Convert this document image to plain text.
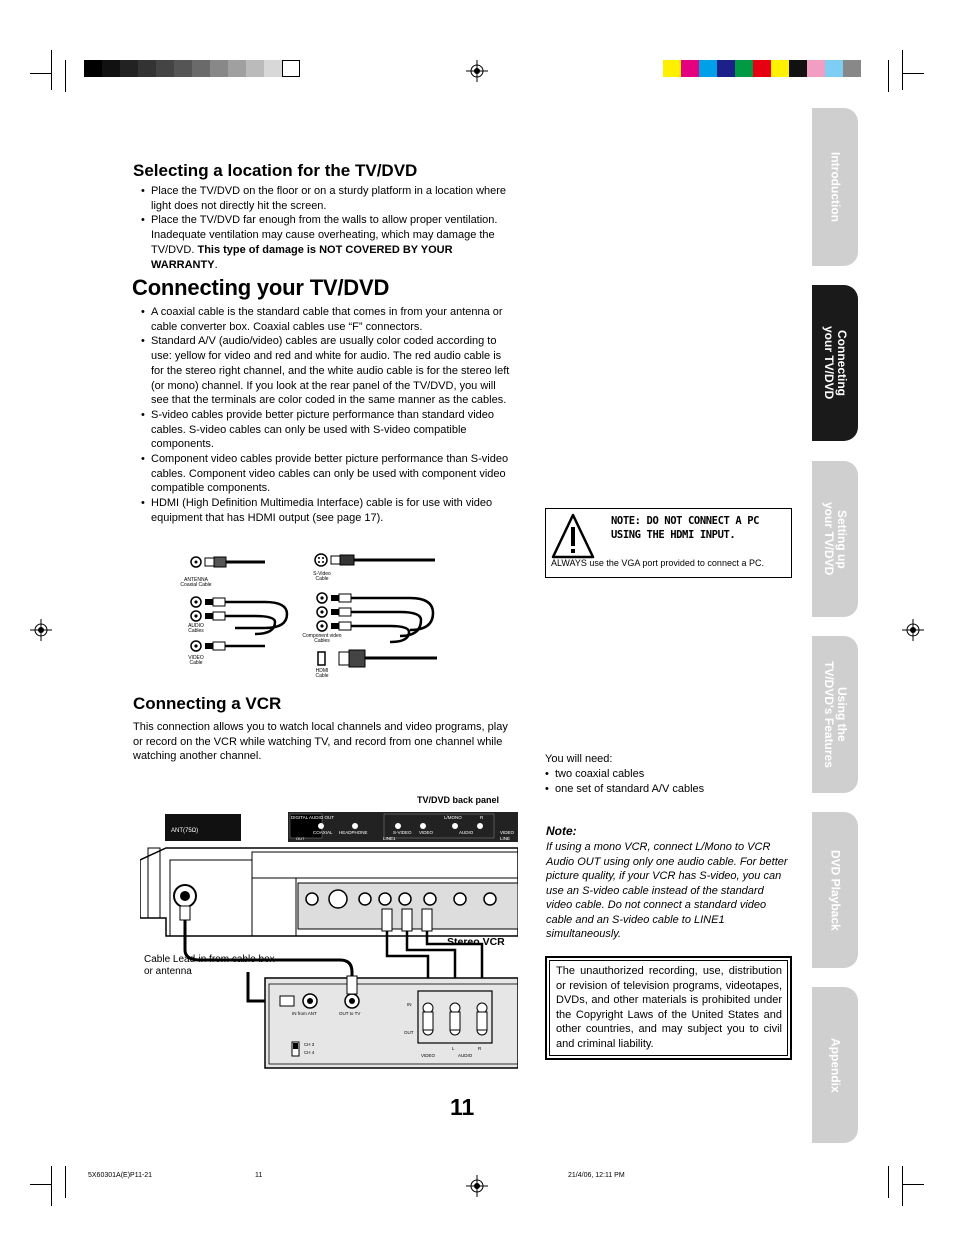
Selecting a location for the TV/DVD
• Place the TV/DVD on the floor or on a sturdy platform in a location where light does not directly hit the screen.
• Place the TV/DVD far enough from the walls to allow proper ventilation. Inadequate ventilation may cause overheating, which may damage the TV/DVD. This type of damage is NOT COVERED BY YOUR WARRANTY.
Connecting your TV/DVD
• A coaxial cable is the standard cable that comes in from your antenna or cable converter box. Coaxial cables use “F” connectors.
• Standard A/V (audio/video) cables are usually color coded according to use: yellow for video and red and white for audio. The red audio cable is for the stereo right channel, and the white audio cable is for the stereo left (or mono) channel. If you look at the rear panel of the TV/DVD, you will see that the terminals are color coded in the same manner as the cables.
• S-video cables provide better picture performance than standard video cables. S-video cables can only be used with S-video compatible components.
• Component video cables provide better picture performance than S-video cables. Component video cables can only be used with component video compatible components.
• HDMI (High Definition Multimedia Interface) cable is for use with video equipment that has HDMI output (see page 17).
ANTENNA Coaxial Cable
AUDIO Cables
VIDEO Cable
S-Video Cable
Component video Cables
HDMI Cable
NOTE: DO NOT CONNECT A PC USING THE HDMI INPUT.
ALWAYS use the VGA port provided to connect a PC.
Connecting a VCR

This connection allows you to watch local channels and video programs, play or record on the VCR while watching TV, and record from one channel while watching another channel.	You will need:
•  two coaxial cables
•  one set of standard A/V cables
Note:

If using a mono VCR, connect L/Mono to VCR Audio OUT using only one audio cable. For better picture quality, if your VCR has S-video, you can use an S-video cable instead of the standard video cable. Do not connect a standard video cable and an S-video cable to LINE1 simultaneously.

The unauthorized recording, use, distribution or revision of television programs, videotapes, DVDs, and other materials is prohibited under the Copyright Laws of the United States and other countries, and may subject you to civil and criminal liability.

TV/DVD back panel
Stereo VCR
Cable Lead-in from cable box or antenna
ANT(75Ω)
DIGITAL AUDIO OUT
COAXIAL
OUT
HEADPHONE	S-VIDEO VIDEO
L/MONO	R
AUDIO
LINE1
VIDEO
LINE
IN from ANT	OUT to TV
CH 3
CH 4
IN
OUT
VIDEO	AUDIO
L	R
Introduction
Connecting
your TV/DVD
Setting up
your TV/DVD
Using the
TV/DVD's Features
DVD Playback
Appendix
11
5X60301A(E)P11-21	11	21/4/06, 12:11 PM
